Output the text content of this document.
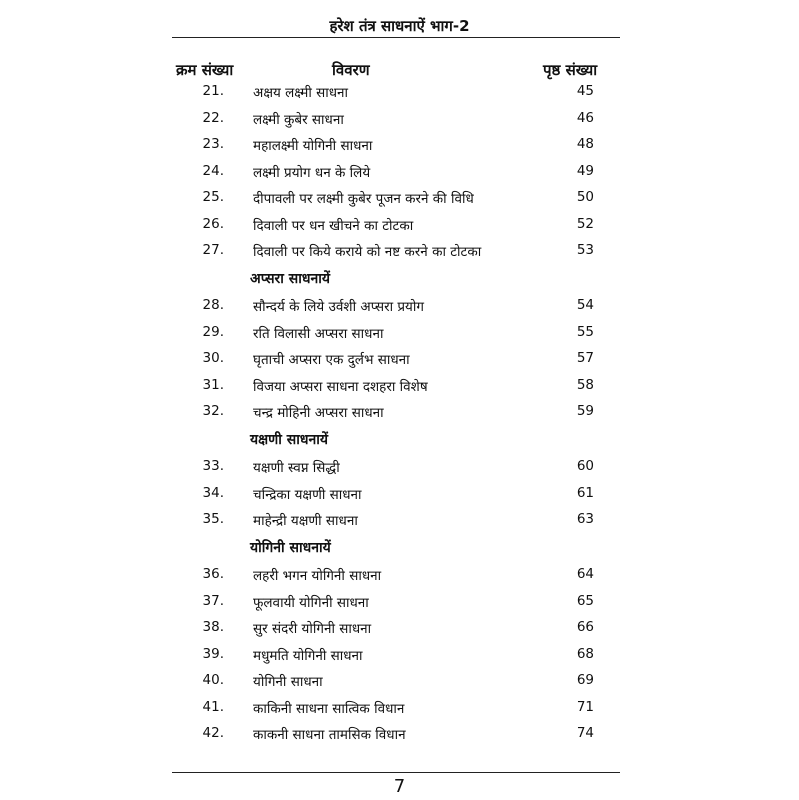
हरेश तंत्र साधनाऐं भाग-2
क्रम संख्या	विवरण	पृष्ठ संख्या
21. अक्षय लक्ष्मी साधना	45
22. लक्ष्मी कुबेर साधना	46
23. महालक्ष्मी योगिनी साधना	48
24. लक्ष्मी प्रयोग धन के लिये	49
25. दीपावली पर लक्ष्मी कुबेर पूजन करने की विधि	50
26. दिवाली पर धन खीचने का टोटका	52
27. दिवाली पर किये कराये को नष्ट करने का टोटका	53
अप्सरा साधनायें
28. सौन्दर्य के लिये उर्वशी अप्सरा प्रयोग	54
29. रति विलासी अप्सरा साधना	55
30. घृताची अप्सरा एक दुर्लभ साधना	57
31. विजया अप्सरा साधना दशहरा विशेष	58
32. चन्द्र मोहिनी अप्सरा साधना	59
यक्षणी साधनायें
33. यक्षणी स्वप्न सिद्धी	60
34. चन्द्रिका यक्षणी साधना	61
35. माहेन्द्री यक्षणी साधना	63
योगिनी साधनायें
36. लहरी भगन योगिनी साधना	64
37. फूलवायी योगिनी साधना	65
38. सुर संदरी योगिनी साधना	66
39. मधुमति योगिनी साधना	68
40. योगिनी साधना	69
41. काकिनी साधना सात्विक विधान	71
42. काकनी साधना तामसिक विधान	74
7
